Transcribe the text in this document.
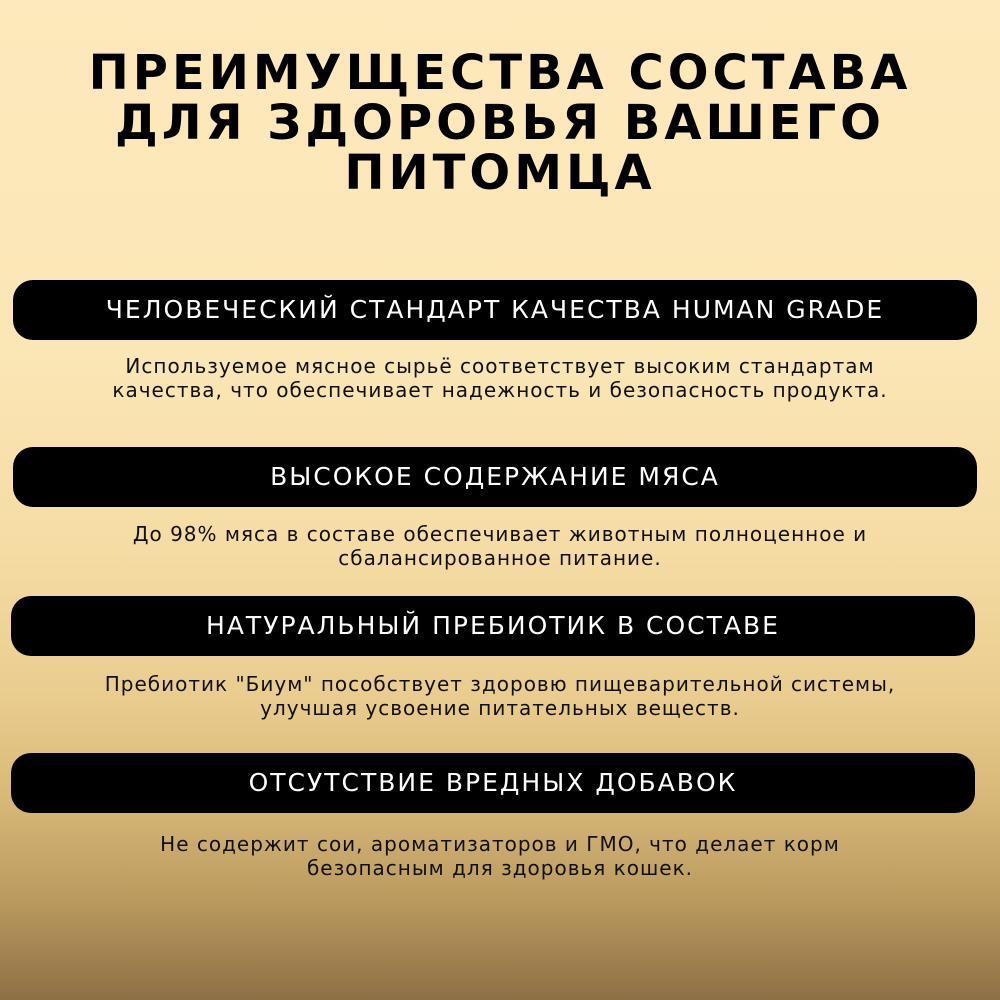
ПРЕИМУЩЕСТВА СОСТАВА
ДЛЯ ЗДОРОВЬЯ ВАШЕГО
ПИТОМЦА
ЧЕЛОВЕЧЕСКИЙ СТАНДАРТ КАЧЕСТВА HUMAN GRADE

Используемое мясное сырьё соответствует высоким стандартам
качества, что обеспечивает надежность и безопасность продукта.

ВЫСОКОЕ СОДЕРЖАНИЕ МЯСА

До 98% мяса в составе обеспечивает животным полноценное и
сбалансированное питание.

НАТУРАЛЬНЫЙ ПРЕБИОТИК В СОСТАВЕ

Пребиотик "Биум" пособствует здоровю пищеварительной системы,
улучшая усвоение питательных веществ.

ОТСУТСТВИЕ ВРЕДНЫХ ДОБАВОК

Не содержит сои, ароматизаторов и ГМО, что делает корм
безопасным для здоровья кошек.
